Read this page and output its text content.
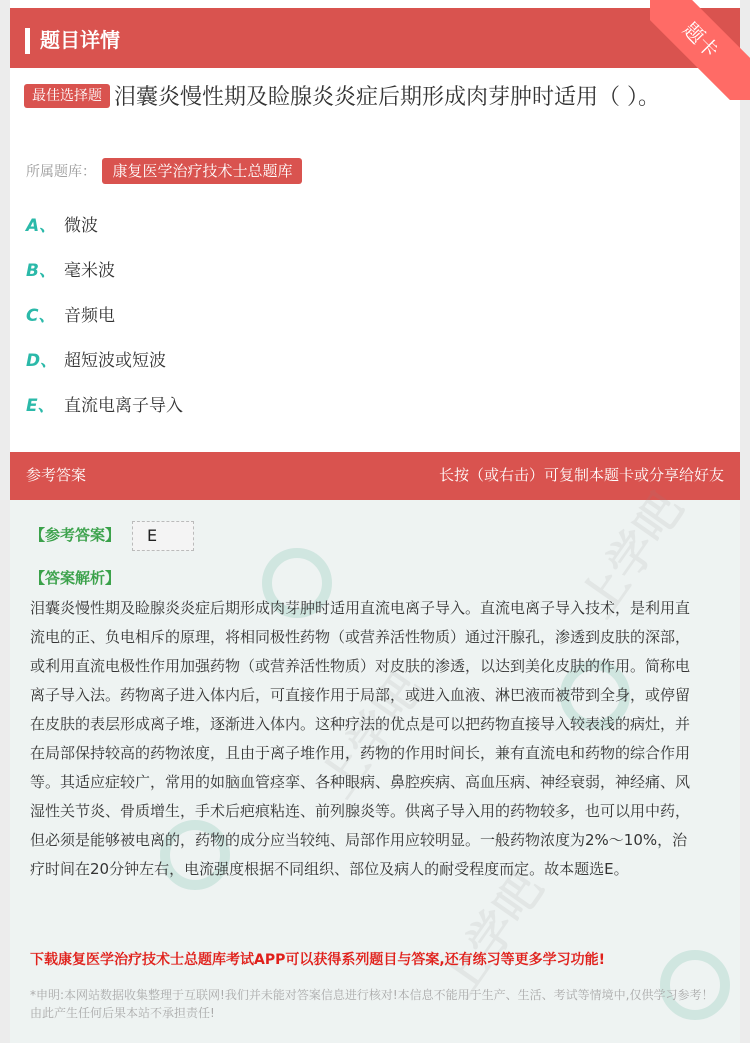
题目详情	题卡
最佳选择题 泪囊炎慢性期及睑腺炎炎症后期形成肉芽肿时适用（ ）。
所属题库： 康复医学治疗技术士总题库
A、 微波
B、 毫米波
C、 音频电
D、 超短波或短波
E、 直流电离子导入
参考答案	长按（或右击）可复制本题卡或分享给好友
【参考答案】	E
【答案解析】
泪囊炎慢性期及睑腺炎炎症后期形成肉芽肿时适用直流电离子导入。直流电离子导入技术，是利用直流电的正、负电相斥的原理，将相同极性药物（或营养活性物质）通过汗腺孔，渗透到皮肤的深部，或利用直流电极性作用加强药物（或营养活性物质）对皮肤的渗透，以达到美化皮肤的作用。简称电离子导入法。药物离子进入体内后，可直接作用于局部，或进入血液、淋巴液而被带到全身，或停留在皮肤的表层形成离子堆，逐渐进入体内。这种疗法的优点是可以把药物直接导入较表浅的病灶，并在局部保持较高的药物浓度，且由于离子堆作用，药物的作用时间长，兼有直流电和药物的综合作用等。其适应症较广，常用的如脑血管痉挛、各种眼病、鼻腔疾病、高血压病、神经衰弱，神经痛、风湿性关节炎、骨质增生，手术后疤痕粘连、前列腺炎等。供离子导入用的药物较多，也可以用中药，但必须是能够被电离的，药物的成分应当较纯、局部作用应较明显。一般药物浓度为2%～10%，治疗时间在20分钟左右，电流强度根据不同组织、部位及病人的耐受程度而定。故本题选E。
下载康复医学治疗技术士总题库考试APP可以获得系列题目与答案,还有练习等更多学习功能!
*申明:本网站数据收集整理于互联网!我们并未能对答案信息进行核对!本信息不能用于生产、生活、考试等情境中,仅供学习参考！由此产生任何后果本站不承担责任!
